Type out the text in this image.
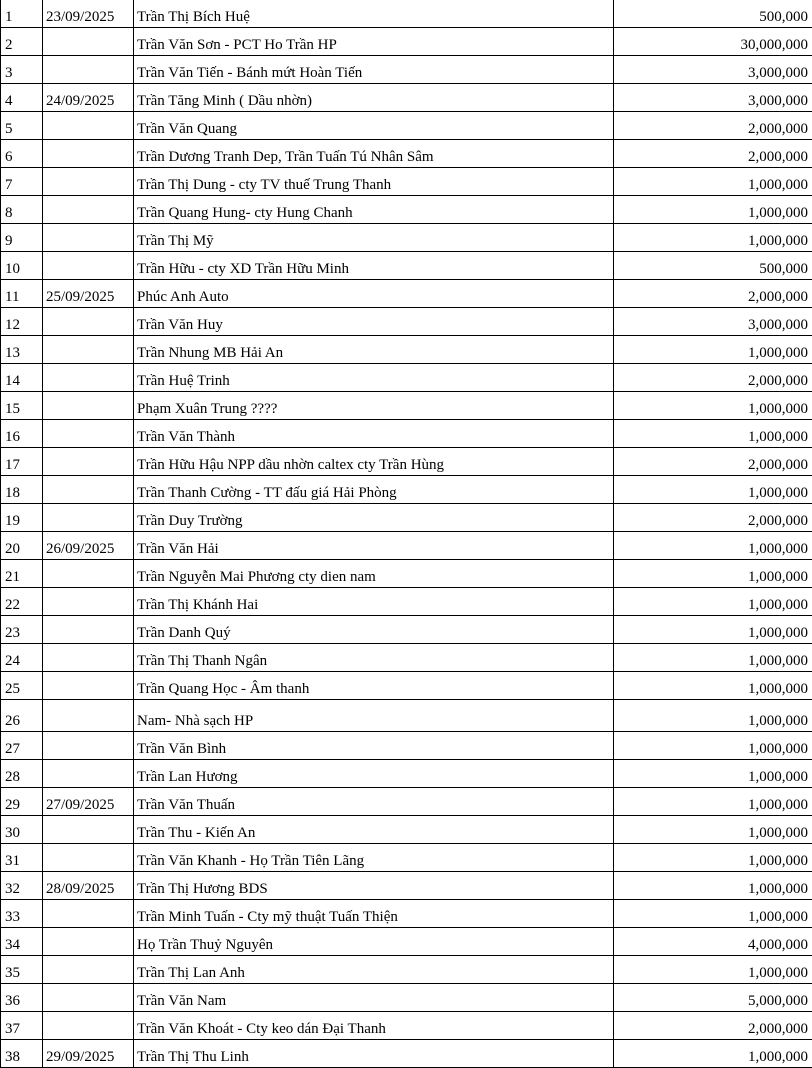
1	23/09/2025	Trần Thị Bích Huệ	500,000
2		Trần Văn Sơn - PCT Ho Trần HP	30,000,000
3		Trần Văn Tiến - Bánh mứt Hoàn Tiến	3,000,000
4	24/09/2025	Trần Tăng Minh ( Dầu nhờn)	3,000,000
5		Trần Văn Quang	2,000,000
6		Trần Dương Tranh Dep, Trần Tuấn Tú Nhân Sâm	2,000,000
7		Trần Thị Dung - cty TV thuế Trung Thanh	1,000,000
8		Trần Quang Hung- cty Hung Chanh	1,000,000
9		Trần Thị Mỹ	1,000,000
10		Trần Hữu - cty XD Trần Hữu Minh	500,000
11	25/09/2025	Phúc Anh Auto	2,000,000
12		Trần Văn Huy	3,000,000
13		Trần Nhung MB Hải An	1,000,000
14		Trần Huệ Trinh	2,000,000
15		Phạm Xuân Trung ????	1,000,000
16		Trần Văn Thành	1,000,000
17		Trần Hữu Hậu NPP dầu nhờn caltex cty Trần Hùng	2,000,000
18		Trần Thanh Cường - TT đấu giá Hải Phòng	1,000,000
19		Trần Duy Trường	2,000,000
20	26/09/2025	Trần Văn Hải	1,000,000
21		Trần Nguyễn Mai Phương cty dien nam	1,000,000
22		Trần Thị Khánh Hai	1,000,000
23		Trần Danh Quý	1,000,000
24		Trần Thị Thanh Ngân	1,000,000
25		Trần Quang Học - Âm thanh	1,000,000
26		Nam- Nhà sạch HP	1,000,000
27		Trần Văn Bình	1,000,000
28		Trần Lan Hương	1,000,000
29	27/09/2025	Trần Văn Thuấn	1,000,000
30		Trần Thu - Kiến An	1,000,000
31		Trần Văn Khanh - Họ Trần Tiên Lãng	1,000,000
32	28/09/2025	Trần Thị Hương BDS	1,000,000
33		Trần Minh Tuấn - Cty mỹ thuật Tuấn Thiện	1,000,000
34		Họ Trần Thuỷ Nguyên	4,000,000
35		Trần Thị Lan Anh	1,000,000
36		Trần Văn Nam	5,000,000
37		Trần Văn Khoát - Cty keo dán Đại Thanh	2,000,000
38	29/09/2025	Trần Thị Thu Linh	1,000,000
